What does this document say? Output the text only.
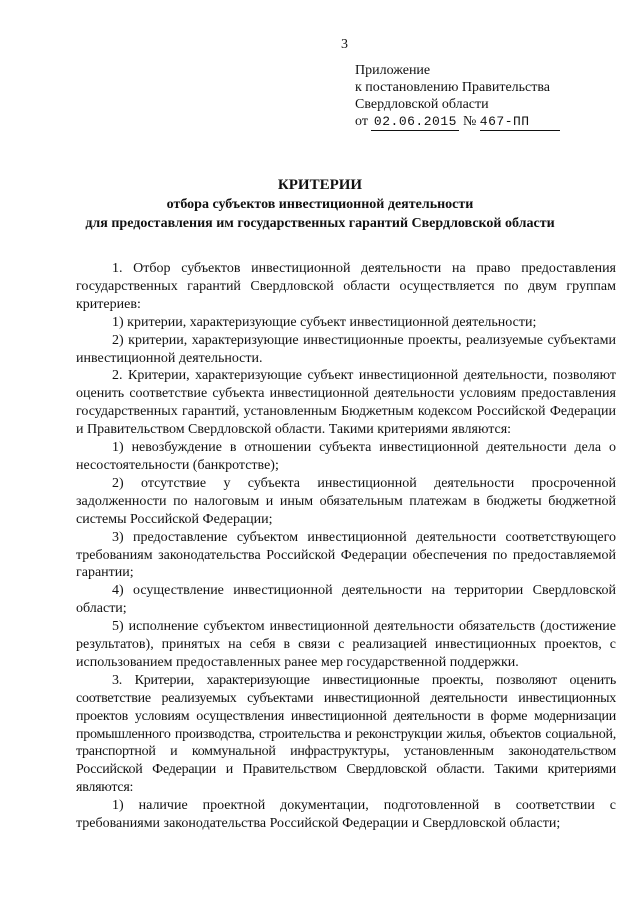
3

Приложение
к постановлению Правительства
Свердловской области
от 02.06.2015 № 467-ПП
КРИТЕРИИ
отбора субъектов инвестиционной деятельности
для предоставления им государственных гарантий Свердловской области

1. Отбор субъектов инвестиционной деятельности на право предоставления государственных гарантий Свердловской области осуществляется по двум группам критериев:

1) критерии, характеризующие субъект инвестиционной деятельности;

2) критерии, характеризующие инвестиционные проекты, реализуемые субъектами инвестиционной деятельности.

2. Критерии, характеризующие субъект инвестиционной деятельности, позволяют оценить соответствие субъекта инвестиционной деятельности условиям предоставления государственных гарантий, установленным Бюджетным кодексом Российской Федерации и Правительством Свердловской области. Такими критериями являются:

1) невозбуждение в отношении субъекта инвестиционной деятельности дела о несостоятельности (банкротстве);

2) отсутствие у субъекта инвестиционной деятельности просроченной задолженности по налоговым и иным обязательным платежам в бюджеты бюджетной системы Российской Федерации;

3) предоставление субъектом инвестиционной деятельности соответствующего требованиям законодательства Российской Федерации обеспечения по предоставляемой гарантии;

4) осуществление инвестиционной деятельности на территории Свердловской области;

5) исполнение субъектом инвестиционной деятельности обязательств (достижение результатов), принятых на себя в связи с реализацией инвестиционных проектов, с использованием предоставленных ранее мер государственной поддержки.

3. Критерии, характеризующие инвестиционные проекты, позволяют оценить соответствие реализуемых субъектами инвестиционной деятельности инвестиционных проектов условиям осуществления инвестиционной деятельности в форме модернизации промышленного производства, строительства и реконструкции жилья, объектов социальной, транспортной и коммунальной инфраструктуры, установленным законодательством Российской Федерации и Правительством Свердловской области. Такими критериями являются:

1) наличие проектной документации, подготовленной в соответствии с требованиями законодательства Российской Федерации и Свердловской области;
